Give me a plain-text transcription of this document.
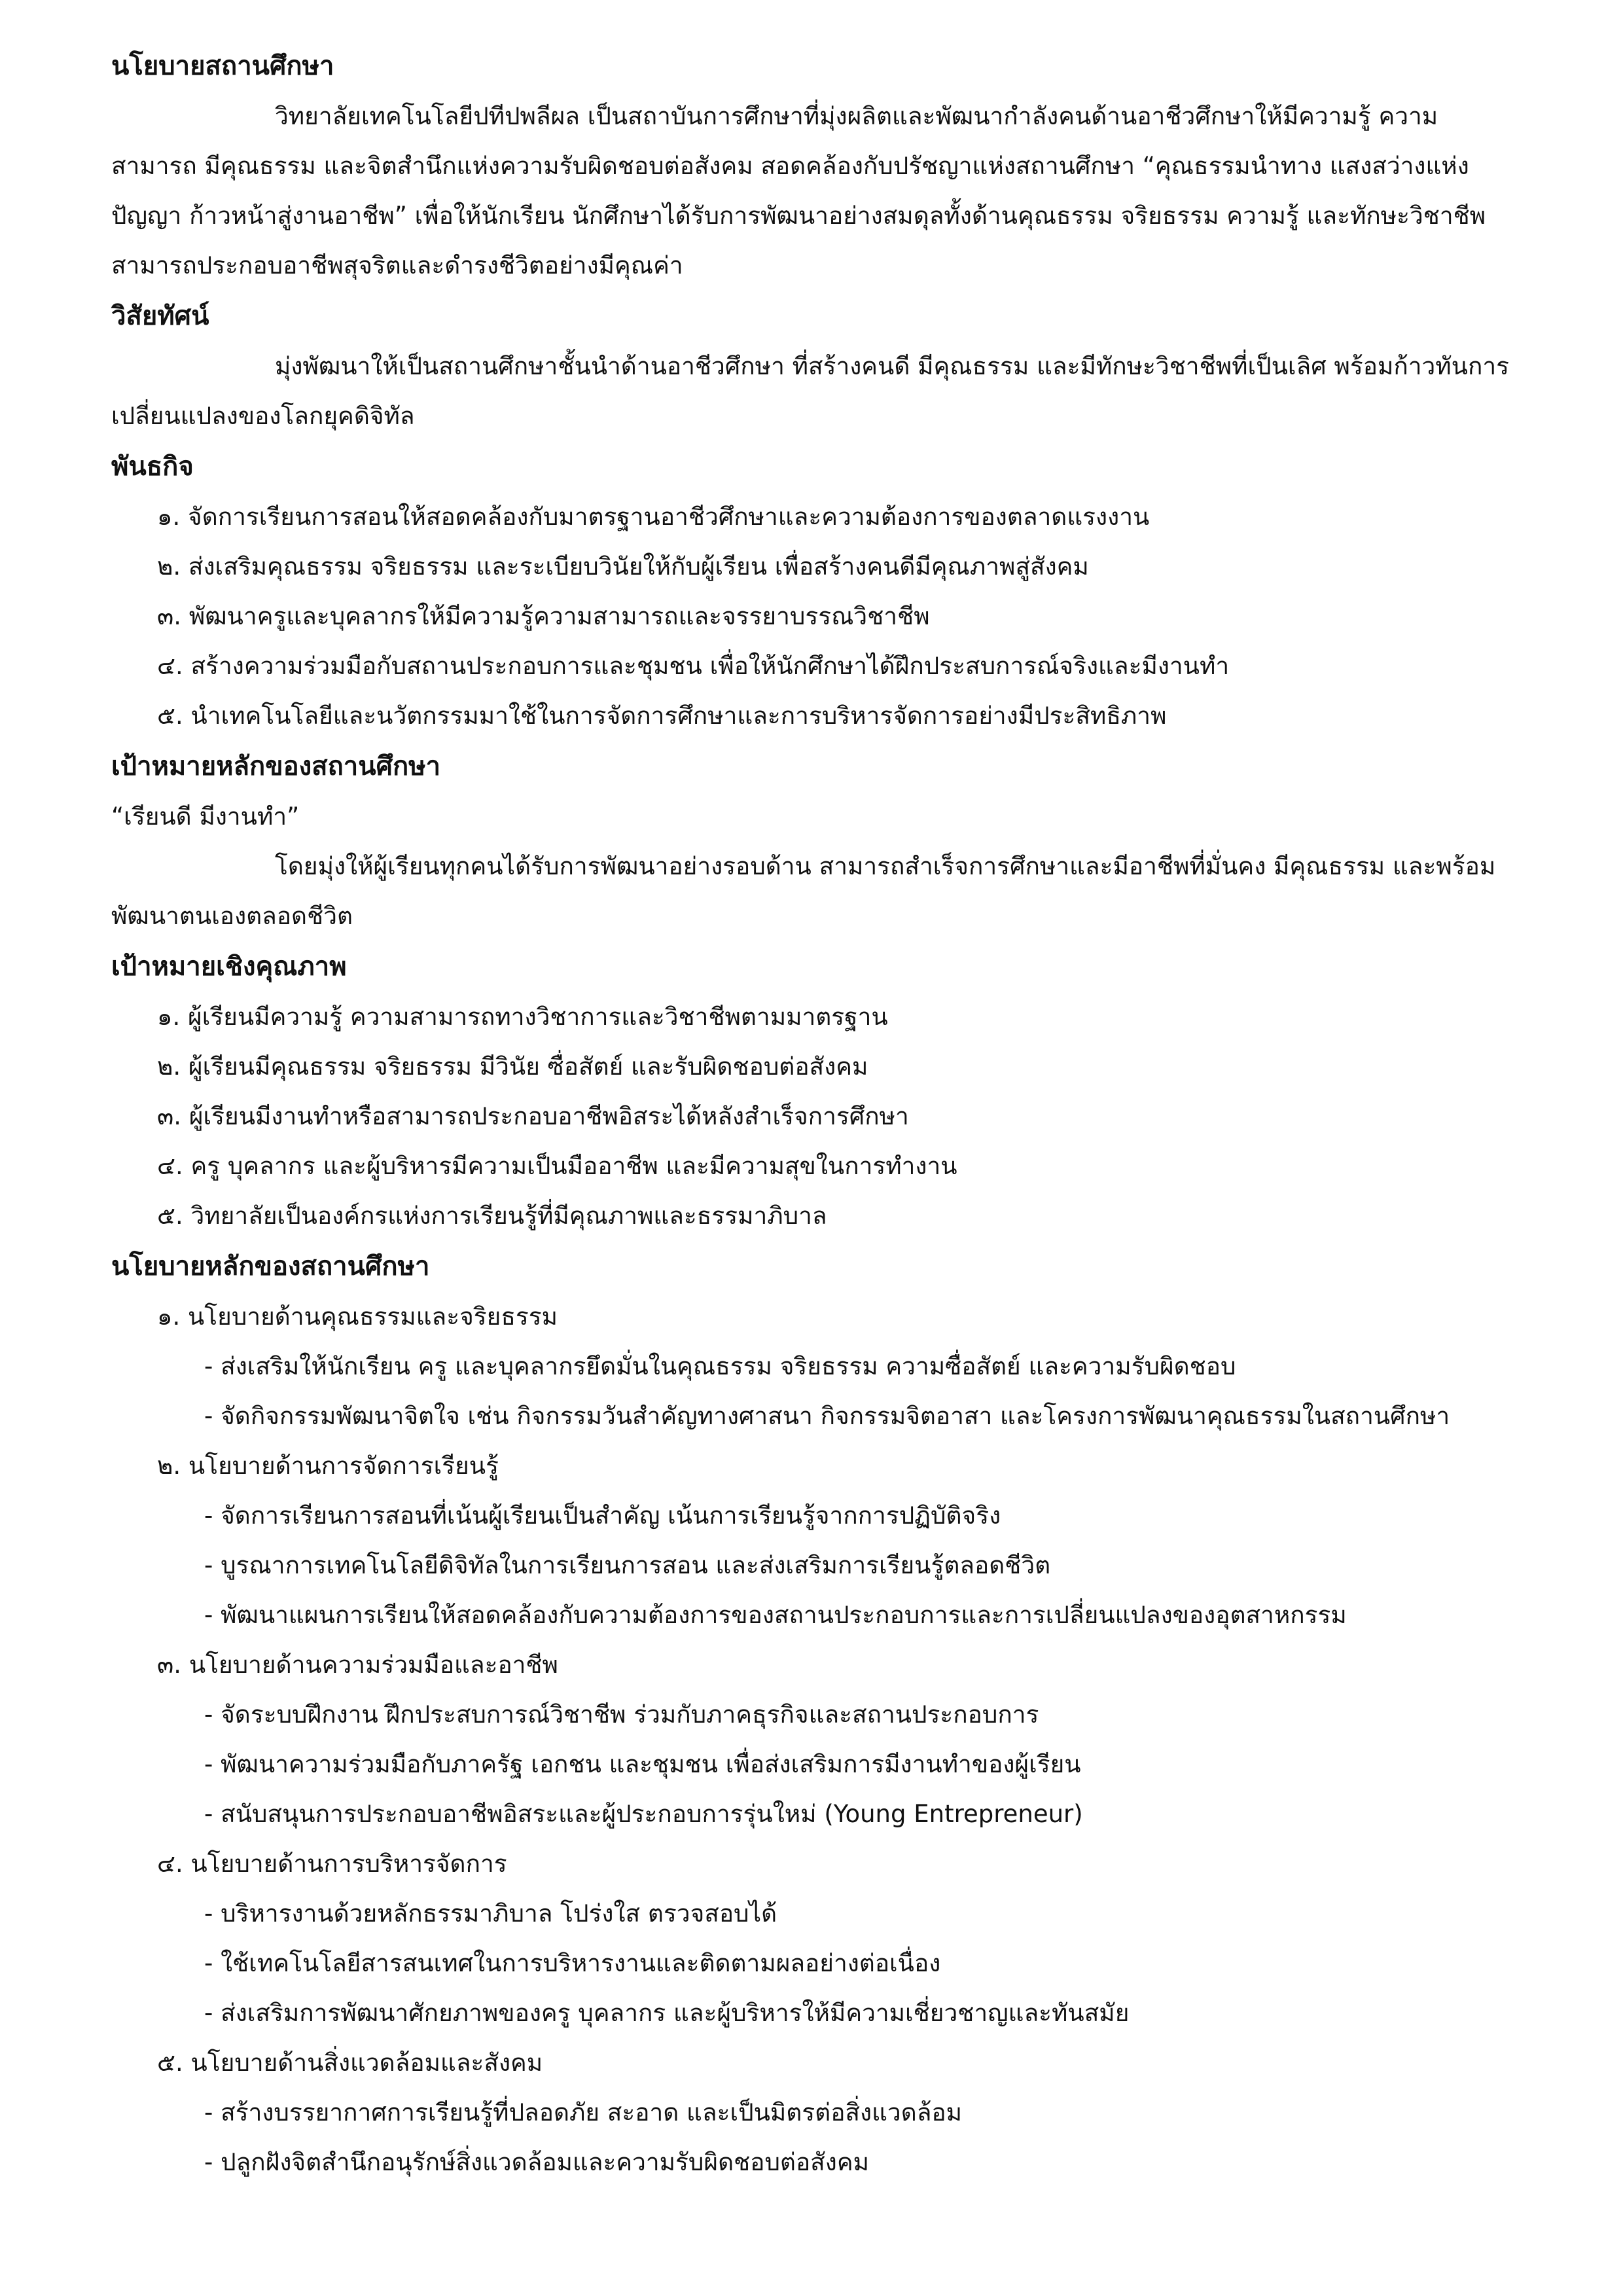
นโยบายสถานศึกษา

วิทยาลัยเทคโนโลยีปทีปพลีผล เป็นสถาบันการศึกษาที่มุ่งผลิตและพัฒนากำลังคนด้านอาชีวศึกษาให้มีความรู้ ความสามารถ มีคุณธรรม และจิตสำนึกแห่งความรับผิดชอบต่อสังคม สอดคล้องกับปรัชญาแห่งสถานศึกษา “คุณธรรมนำทาง แสงสว่างแห่งปัญญา ก้าวหน้าสู่งานอาชีพ” เพื่อให้นักเรียน นักศึกษาได้รับการพัฒนาอย่างสมดุลทั้งด้านคุณธรรม จริยธรรม ความรู้ และทักษะวิชาชีพ สามารถประกอบอาชีพสุจริตและดำรงชีวิตอย่างมีคุณค่า

วิสัยทัศน์

มุ่งพัฒนาให้เป็นสถานศึกษาชั้นนำด้านอาชีวศึกษา ที่สร้างคนดี มีคุณธรรม และมีทักษะวิชาชีพที่เป็นเลิศ พร้อมก้าวทันการเปลี่ยนแปลงของโลกยุคดิจิทัล

พันธกิจ
๑. จัดการเรียนการสอนให้สอดคล้องกับมาตรฐานอาชีวศึกษาและความต้องการของตลาดแรงงาน
๒. ส่งเสริมคุณธรรม จริยธรรม และระเบียบวินัยให้กับผู้เรียน เพื่อสร้างคนดีมีคุณภาพสู่สังคม
๓. พัฒนาครูและบุคลากรให้มีความรู้ความสามารถและจรรยาบรรณวิชาชีพ
๔. สร้างความร่วมมือกับสถานประกอบการและชุมชน เพื่อให้นักศึกษาได้ฝึกประสบการณ์จริงและมีงานทำ
๕. นำเทคโนโลยีและนวัตกรรมมาใช้ในการจัดการศึกษาและการบริหารจัดการอย่างมีประสิทธิภาพ
เป้าหมายหลักของสถานศึกษา

“เรียนดี มีงานทำ”

โดยมุ่งให้ผู้เรียนทุกคนได้รับการพัฒนาอย่างรอบด้าน สามารถสำเร็จการศึกษาและมีอาชีพที่มั่นคง มีคุณธรรม และพร้อมพัฒนาตนเองตลอดชีวิต

เป้าหมายเชิงคุณภาพ
๑. ผู้เรียนมีความรู้ ความสามารถทางวิชาการและวิชาชีพตามมาตรฐาน
๒. ผู้เรียนมีคุณธรรม จริยธรรม มีวินัย ซื่อสัตย์ และรับผิดชอบต่อสังคม
๓. ผู้เรียนมีงานทำหรือสามารถประกอบอาชีพอิสระได้หลังสำเร็จการศึกษา
๔. ครู บุคลากร และผู้บริหารมีความเป็นมืออาชีพ และมีความสุขในการทำงาน
๕. วิทยาลัยเป็นองค์กรแห่งการเรียนรู้ที่มีคุณภาพและธรรมาภิบาล
นโยบายหลักของสถานศึกษา
๑. นโยบายด้านคุณธรรมและจริยธรรม
- ส่งเสริมให้นักเรียน ครู และบุคลากรยึดมั่นในคุณธรรม จริยธรรม ความซื่อสัตย์ และความรับผิดชอบ
- จัดกิจกรรมพัฒนาจิตใจ เช่น กิจกรรมวันสำคัญทางศาสนา กิจกรรมจิตอาสา และโครงการพัฒนาคุณธรรมในสถานศึกษา
๒. นโยบายด้านการจัดการเรียนรู้
- จัดการเรียนการสอนที่เน้นผู้เรียนเป็นสำคัญ เน้นการเรียนรู้จากการปฏิบัติจริง
- บูรณาการเทคโนโลยีดิจิทัลในการเรียนการสอน และส่งเสริมการเรียนรู้ตลอดชีวิต
- พัฒนาแผนการเรียนให้สอดคล้องกับความต้องการของสถานประกอบการและการเปลี่ยนแปลงของอุตสาหกรรม
๓. นโยบายด้านความร่วมมือและอาชีพ
- จัดระบบฝึกงาน ฝึกประสบการณ์วิชาชีพ ร่วมกับภาคธุรกิจและสถานประกอบการ
- พัฒนาความร่วมมือกับภาครัฐ เอกชน และชุมชน เพื่อส่งเสริมการมีงานทำของผู้เรียน
- สนับสนุนการประกอบอาชีพอิสระและผู้ประกอบการรุ่นใหม่ (Young Entrepreneur)
๔. นโยบายด้านการบริหารจัดการ
- บริหารงานด้วยหลักธรรมาภิบาล โปร่งใส ตรวจสอบได้
- ใช้เทคโนโลยีสารสนเทศในการบริหารงานและติดตามผลอย่างต่อเนื่อง
- ส่งเสริมการพัฒนาศักยภาพของครู บุคลากร และผู้บริหารให้มีความเชี่ยวชาญและทันสมัย
๕. นโยบายด้านสิ่งแวดล้อมและสังคม
- สร้างบรรยากาศการเรียนรู้ที่ปลอดภัย สะอาด และเป็นมิตรต่อสิ่งแวดล้อม
- ปลูกฝังจิตสำนึกอนุรักษ์สิ่งแวดล้อมและความรับผิดชอบต่อสังคม
